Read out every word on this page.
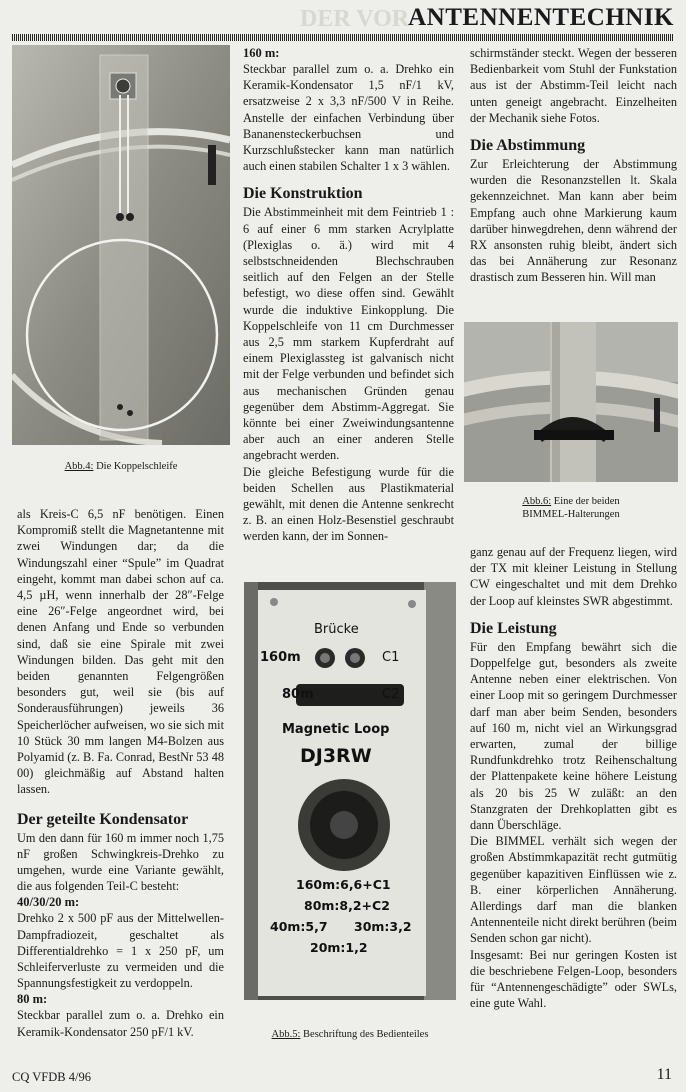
DER VOR ANTENNENTECHNIK
Abb.4: Die Koppelschleife

als Kreis-C 6,5 nF benötigen. Einen Kompromiß stellt die Magnetantenne mit zwei Windungen dar; da die Windungszahl einer “Spule” im Quadrat eingeht, kommt man dabei schon auf ca. 4,5 µH, wenn innerhalb der 28″-Felge eine 26″-Felge angeordnet wird, bei denen Anfang und Ende so verbunden sind, daß sie eine Spirale mit zwei Windungen bilden. Das geht mit den beiden genannten Felgengrößen besonders gut, weil sie (bis auf Sonderausführungen) jeweils 36 Speicherlöcher aufweisen, wo sie sich mit 10 Stück 30 mm langen M4-Bolzen aus Polyamid (z. B. Fa. Conrad, BestNr 53 48 00) gleichmäßig auf Abstand halten lassen.

Der geteilte Kondensator

Um den dann für 160 m immer noch 1,75 nF großen Schwingkreis-Drehko zu umgehen, wurde eine Variante gewählt, die aus folgenden Teil-C besteht:

40/30/20 m:

Drehko 2 x 500 pF aus der Mittelwellen-Dampfradiozeit, geschaltet als Differentialdrehko = 1 x 250 pF, um Schleiferverluste zu vermeiden und die Spannungsfestigkeit zu verdoppeln.

80 m:

Steckbar parallel zum o. a. Drehko ein Keramik-Kondensator 250 pF/1 kV.

160 m:

Steckbar parallel zum o. a. Drehko ein Keramik-Kondensator 1,5 nF/1 kV, ersatzweise 2 x 3,3 nF/500 V in Reihe. Anstelle der einfachen Verbindung über Bananensteckerbuchsen und Kurzschlußstecker kann man natürlich auch einen stabilen Schalter 1 x 3 wählen.

Die Konstruktion

Die Abstimmeinheit mit dem Feintrieb 1 : 6 auf einer 6 mm starken Acrylplatte (Plexiglas o. ä.) wird mit 4 selbstschneidenden Blechschrauben seitlich auf den Felgen an der Stelle befestigt, wo diese offen sind. Gewählt wurde die induktive Einkopplung. Die Koppelschleife von 11 cm Durchmesser aus 2,5 mm starkem Kupferdraht auf einem Plexiglassteg ist galvanisch nicht mit der Felge verbunden und befindet sich aus mechanischen Gründen genau gegenüber dem Abstimm-Aggregat. Sie könnte bei einer Zweiwindungsantenne aber auch an einer anderen Stelle angebracht werden.

Die gleiche Befestigung wurde für die beiden Schellen aus Plastikmaterial gewählt, mit denen die Antenne senkrecht z. B. an einen Holz-Besenstiel geschraubt werden kann, der im Sonnen-

Brücke
160m	C1
80m	C2
Magnetic Loop
DJ3RW
160m:6,6+C1
80m:8,2+C2
40m:5,7 30m:3,2
20m:1,2
Abb.5: Beschriftung des Bedienteiles

schirmständer steckt. Wegen der besseren Bedienbarkeit vom Stuhl der Funkstation aus ist der Abstimm-Teil leicht nach unten geneigt angebracht. Einzelheiten der Mechanik siehe Fotos.

Die Abstimmung

Zur Erleichterung der Abstimmung wurden die Resonanzstellen lt. Skala gekennzeichnet. Man kann aber beim Empfang auch ohne Markierung kaum darüber hinwegdrehen, denn während der RX ansonsten ruhig bleibt, ändert sich das bei Annäherung zur Resonanz drastisch zum Besseren hin. Will man

Abb.6: Eine der beiden
BIMMEL-Halterungen

ganz genau auf der Frequenz liegen, wird der TX mit kleiner Leistung in Stellung CW eingeschaltet und mit dem Drehko der Loop auf kleinstes SWR abgestimmt.

Die Leistung

Für den Empfang bewährt sich die Doppelfelge gut, besonders als zweite Antenne neben einer elektrischen. Von einer Loop mit so geringem Durchmesser darf man aber beim Senden, besonders auf 160 m, nicht viel an Wirkungsgrad erwarten, zumal der billige Rundfunkdrehko trotz Reihenschaltung der Plattenpakete keine höhere Leistung als 20 bis 25 W zuläßt: an den Stanzgraten der Drehkoplatten gibt es dann Überschläge.

Die BIMMEL verhält sich wegen der großen Abstimmkapazität recht gutmütig gegenüber kapazitiven Einflüssen wie z. B. einer körperlichen Annäherung. Allerdings darf man die blanken Antennenteile nicht direkt berühren (beim Senden schon gar nicht).

Insgesamt: Bei nur geringen Kosten ist die beschriebene Felgen-Loop, besonders für “Antennengeschädigte” oder SWLs, eine gute Wahl.

CQ VFDB 4/96	11
